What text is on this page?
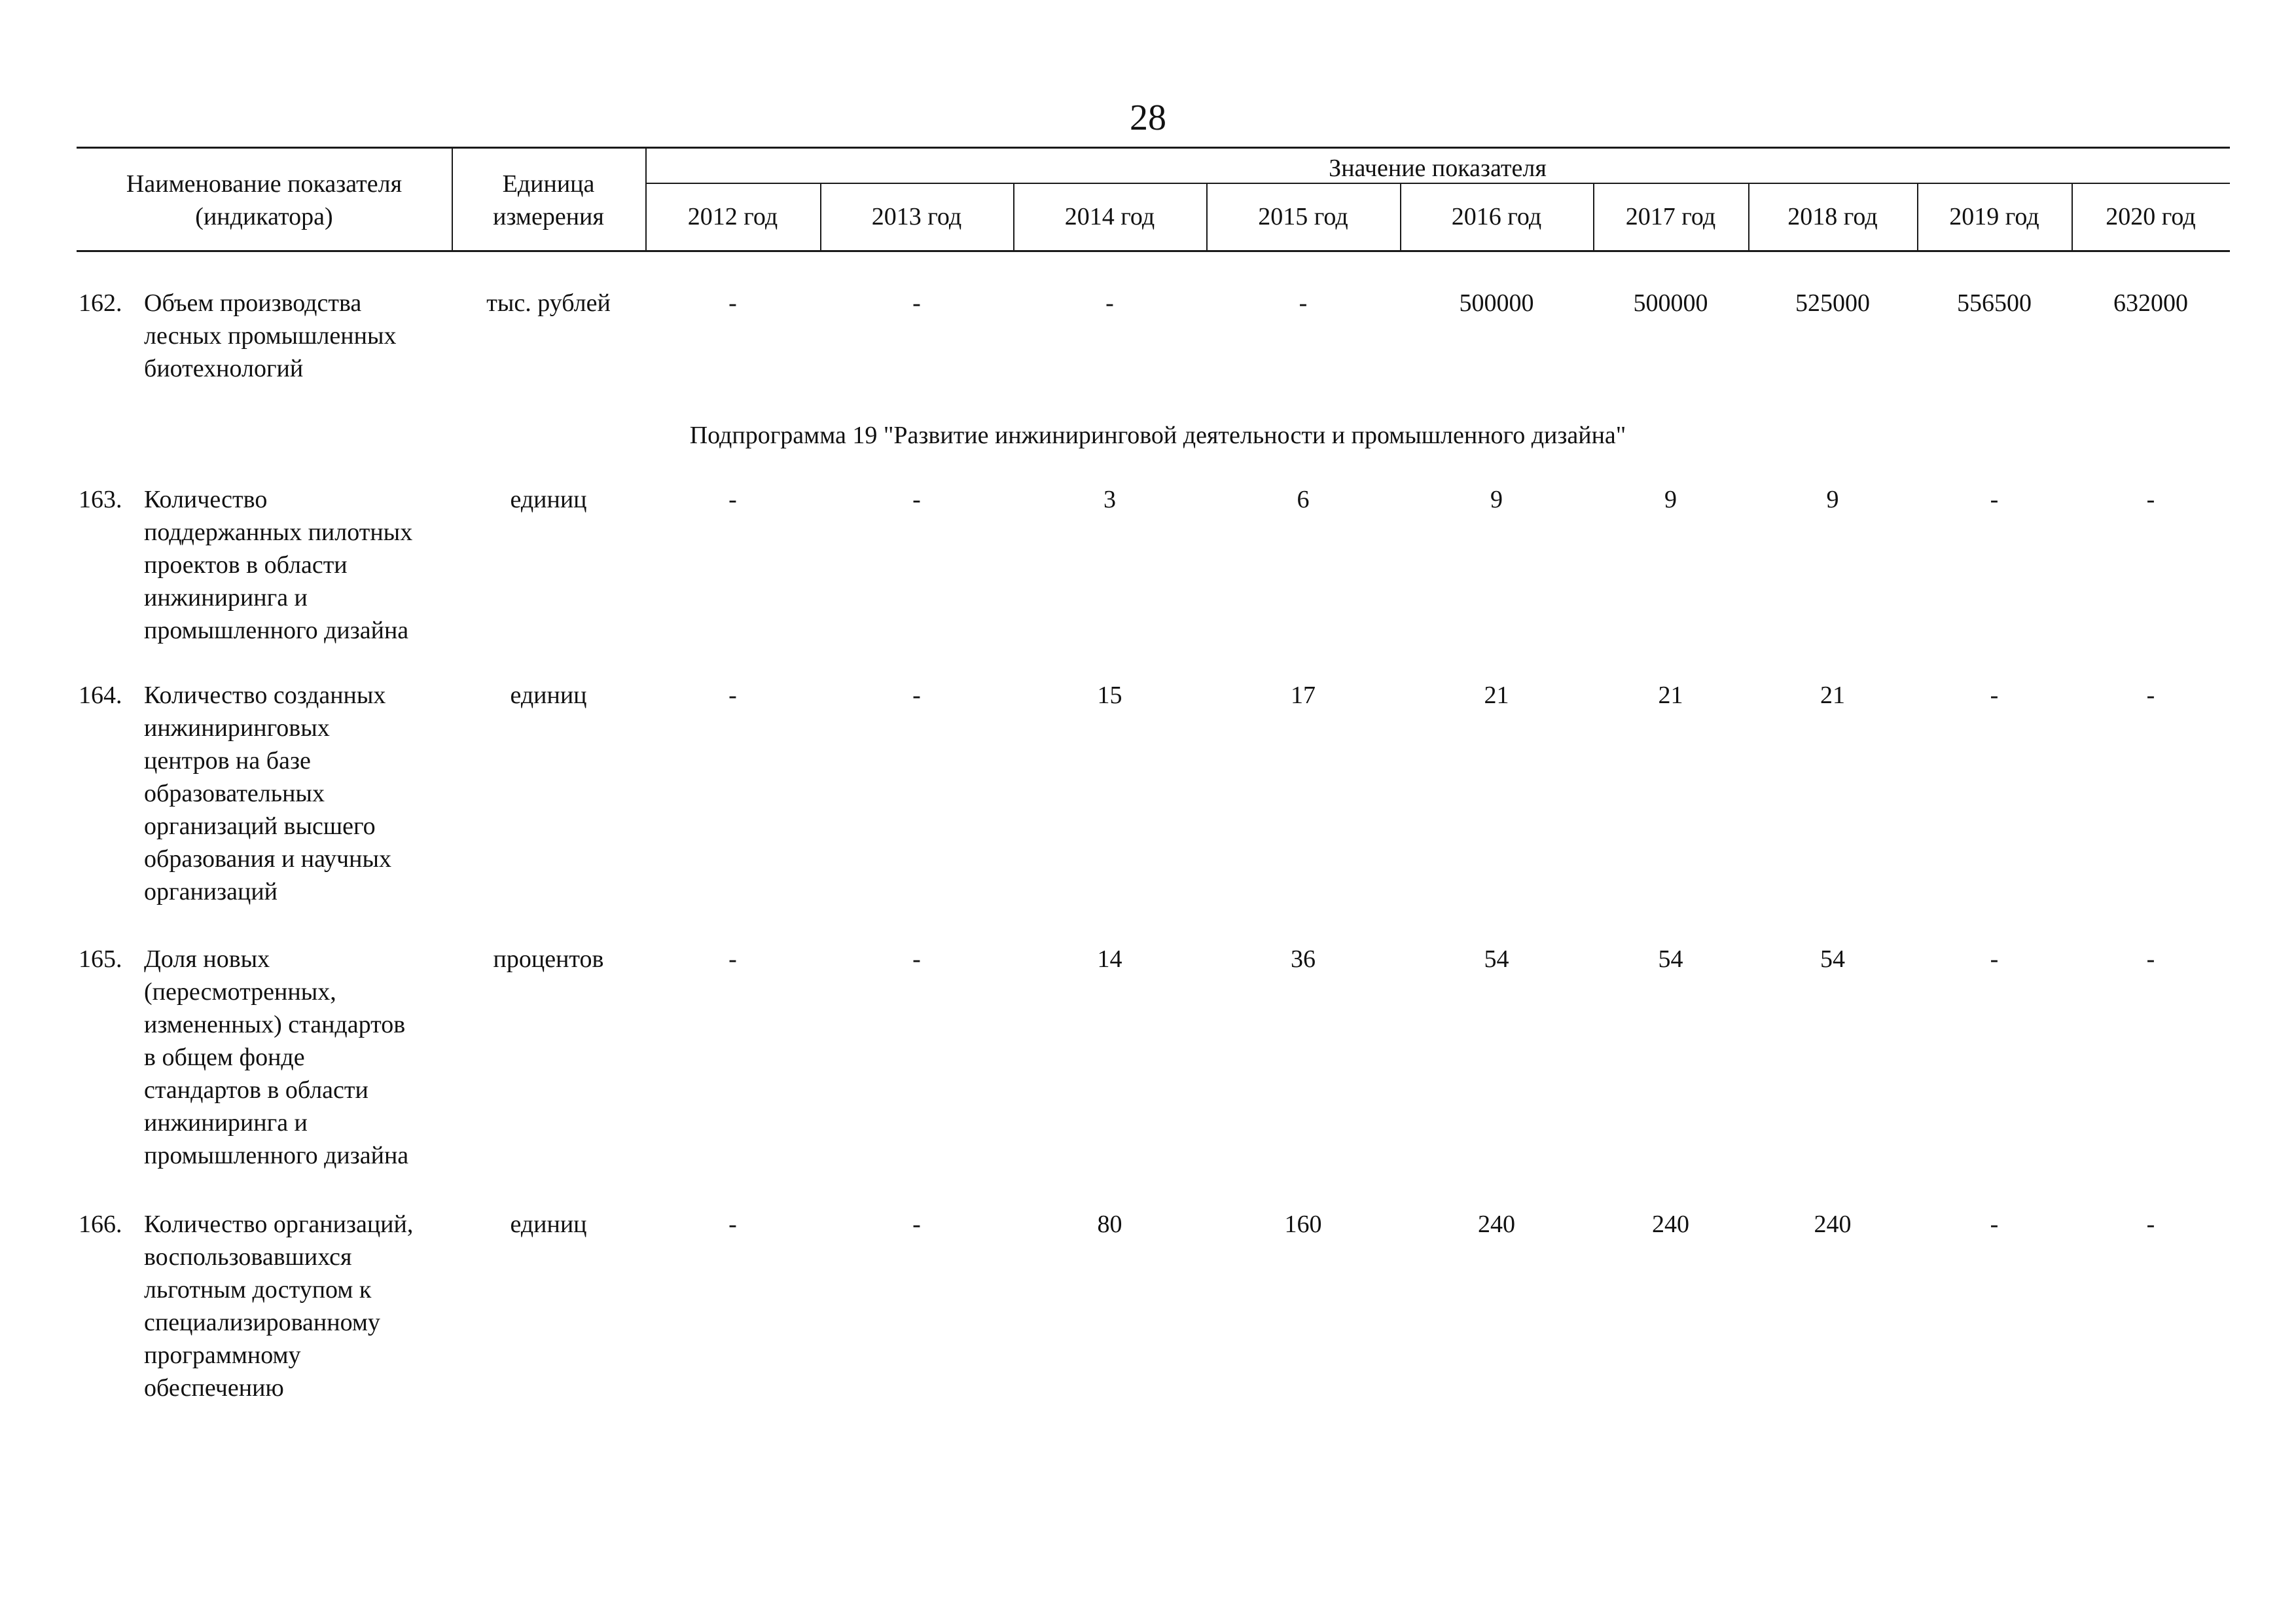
28
Наименование показателя
(индикатора)
Единица
измерения
Значение показателя
2012 год	2013 год	2014 год	2015 год	2016 год	2017 год	2018 год	2019 год	2020 год
162. Объем производства
лесных промышленных
биотехнологий
тыс. рублей	-	-	-	-	500000	500000	525000	556500	632000
Подпрограмма 19 "Развитие инжиниринговой деятельности и промышленного дизайна"
163. Количество
поддержанных пилотных
проектов в области
инжиниринга и
промышленного дизайна
единиц	-	-	3	6	9	9	9	-	-
164. Количество созданных
инжиниринговых
центров на базе
образовательных
организаций высшего
образования и научных
организаций
единиц	-	-	15	17	21	21	21	-	-
165. Доля новых
(пересмотренных,
измененных) стандартов
в общем фонде
стандартов в области
инжиниринга и
промышленного дизайна
процентов	-	-	14	36	54	54	54	-	-
166. Количество организаций,
воспользовавшихся
льготным доступом к
специализированному
программному
обеспечению
единиц	-	-	80	160	240	240	240	-	-
